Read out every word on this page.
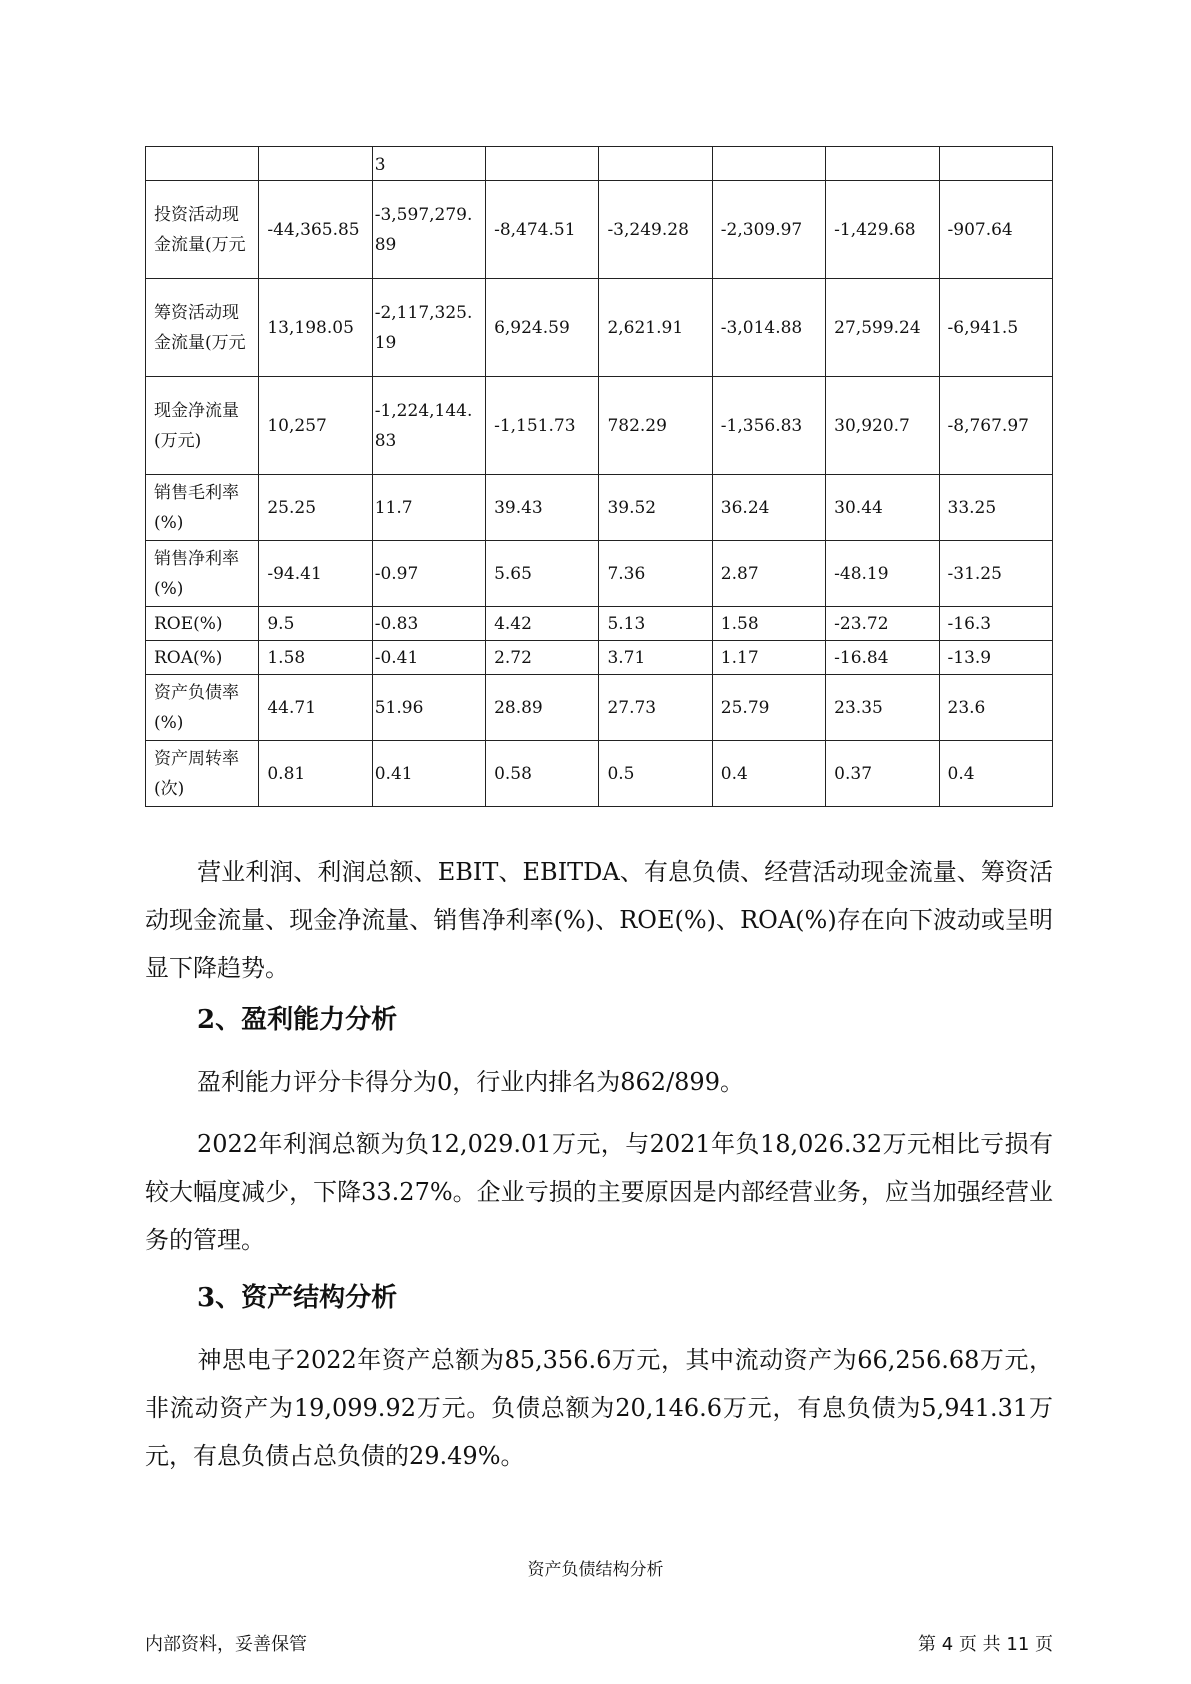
		3					
投资活动现金流量(万元	-44,365.85	-3,597,279.89	-8,474.51	-3,249.28	-2,309.97	-1,429.68	-907.64
筹资活动现金流量(万元	13,198.05	-2,117,325.19	6,924.59	2,621.91	-3,014.88	27,599.24	-6,941.5
现金净流量(万元)	10,257	-1,224,144.83	-1,151.73	782.29	-1,356.83	30,920.7	-8,767.97
销售毛利率(%)	25.25	11.7	39.43	39.52	36.24	30.44	33.25
销售净利率(%)	-94.41	-0.97	5.65	7.36	2.87	-48.19	-31.25
ROE(%)	9.5	-0.83	4.42	5.13	1.58	-23.72	-16.3
ROA(%)	1.58	-0.41	2.72	3.71	1.17	-16.84	-13.9
资产负债率(%)	44.71	51.96	28.89	27.73	25.79	23.35	23.6
资产周转率(次)	0.81	0.41	0.58	0.5	0.4	0.37	0.4
营业利润、利润总额、EBIT、EBITDA、有息负债、经营活动现金流量、筹资活动现金流量、现金净流量、销售净利率(%)、ROE(%)、ROA(%)存在向下波动或呈明显下降趋势。
2、盈利能力分析
盈利能力评分卡得分为0，行业内排名为862/899。
2022年利润总额为负12,029.01万元，与2021年负18,026.32万元相比亏损有较大幅度减少，下降33.27%。企业亏损的主要原因是内部经营业务，应当加强经营业务的管理。
3、资产结构分析
神思电子2022年资产总额为85,356.6万元，其中流动资产为66,256.68万元，非流动资产为19,099.92万元。负债总额为20,146.6万元，有息负债为5,941.31万元，有息负债占总负债的29.49%。
资产负债结构分析
内部资料，妥善保管	第 4 页 共 11 页
